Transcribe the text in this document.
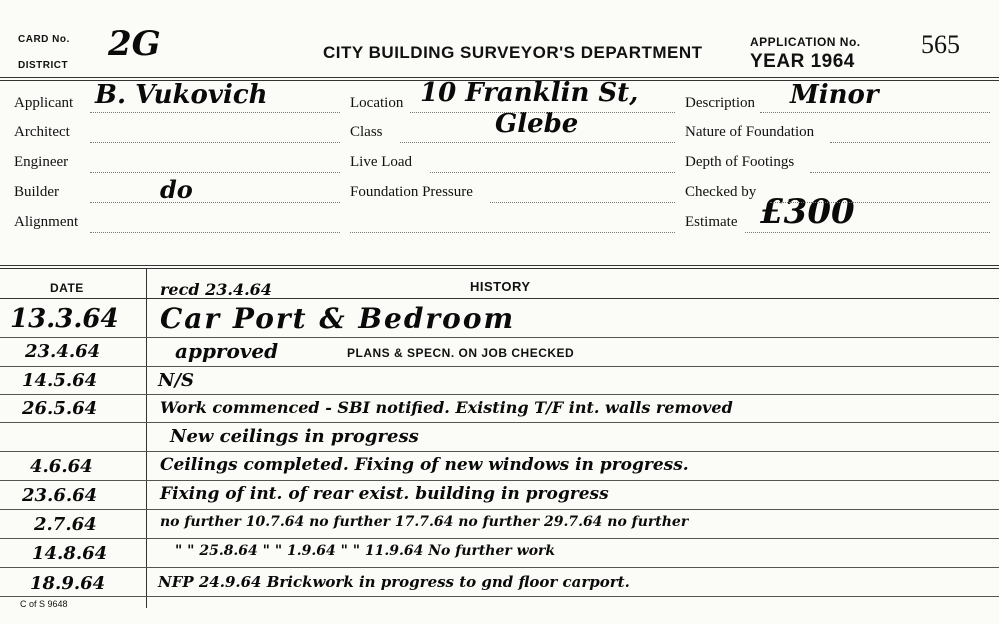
CARD No. 2G
DISTRICT
CITY BUILDING SURVEYOR'S DEPARTMENT
APPLICATION No. 565
YEAR 1964
Applicant B. Vukovich
Architect
Engineer
Builder	do
Alignment
Location 10 Franklin St,
Class	Glebe
Live Load
Foundation Pressure
Description Minor
Nature of Foundation
Depth of Footings
Checked by
Estimate £300
DATE	HISTORY
recd 23.4.64
13.3.64 Car Port & Bedroom
23.4.64	approved	PLANS & SPECN. ON JOB CHECKED
14.5.64	N/S
26.5.64	Work commenced - SBI notified. Existing T/F int. walls removed
New ceilings in progress
4.6.64	Ceilings completed. Fixing of new windows in progress.
23.6.64	Fixing of int. of rear exist. building in progress
2.7.64	no further 10.7.64 no further 17.7.64 no further 29.7.64 no further
14.8.64	" " 25.8.64 " " 1.9.64 " " 11.9.64 No further work
18.9.64	NFP 24.9.64 Brickwork in progress to gnd floor carport.
C of S 9648
